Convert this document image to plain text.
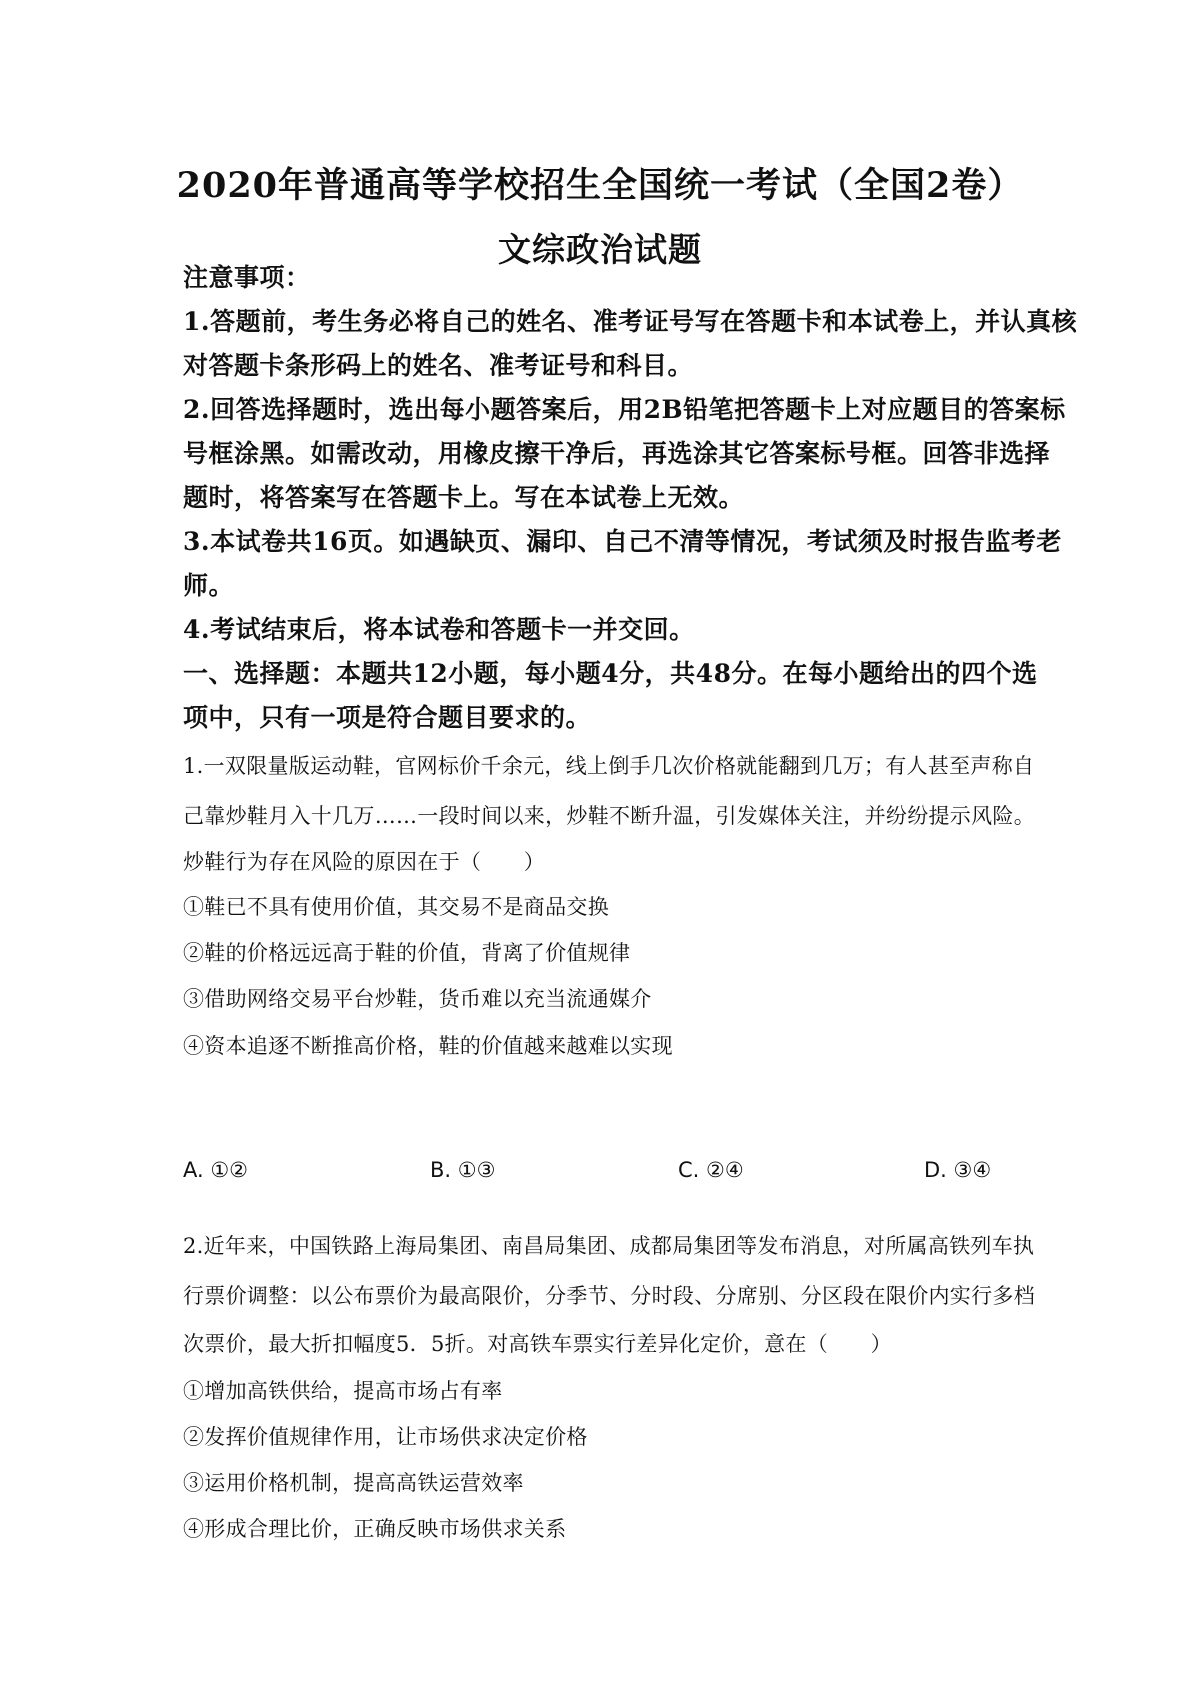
2020年普通高等学校招生全国统一考试（全国2卷）
文综政治试题
注意事项：
1.答题前，考生务必将自己的姓名、准考证号写在答题卡和本试卷上，并认真核
对答题卡条形码上的姓名、准考证号和科目。
2.回答选择题时，选出每小题答案后，用2B铅笔把答题卡上对应题目的答案标
号框涂黑。如需改动，用橡皮擦干净后，再选涂其它答案标号框。回答非选择
题时，将答案写在答题卡上。写在本试卷上无效。
3.本试卷共16页。如遇缺页、漏印、自己不清等情况，考试须及时报告监考老
师。
4.考试结束后，将本试卷和答题卡一并交回。
一、选择题：本题共12小题，每小题4分，共48分。在每小题给出的四个选
项中，只有一项是符合题目要求的。
1.一双限量版运动鞋，官网标价千余元，线上倒手几次价格就能翻到几万；有人甚至声称自
己靠炒鞋月入十几万……一段时间以来，炒鞋不断升温，引发媒体关注，并纷纷提示风险。
炒鞋行为存在风险的原因在于（　　）
①鞋已不具有使用价值，其交易不是商品交换
②鞋的价格远远高于鞋的价值，背离了价值规律
③借助网络交易平台炒鞋，货币难以充当流通媒介
④资本追逐不断推高价格，鞋的价值越来越难以实现
A. ①②	B. ①③	C. ②④	D. ③④
2.近年来，中国铁路上海局集团、南昌局集团、成都局集团等发布消息，对所属高铁列车执
行票价调整：以公布票价为最高限价，分季节、分时段、分席别、分区段在限价内实行多档
次票价，最大折扣幅度5．5折。对高铁车票实行差异化定价，意在（　　）
①增加高铁供给，提高市场占有率
②发挥价值规律作用，让市场供求决定价格
③运用价格机制，提高高铁运营效率
④形成合理比价，正确反映市场供求关系
